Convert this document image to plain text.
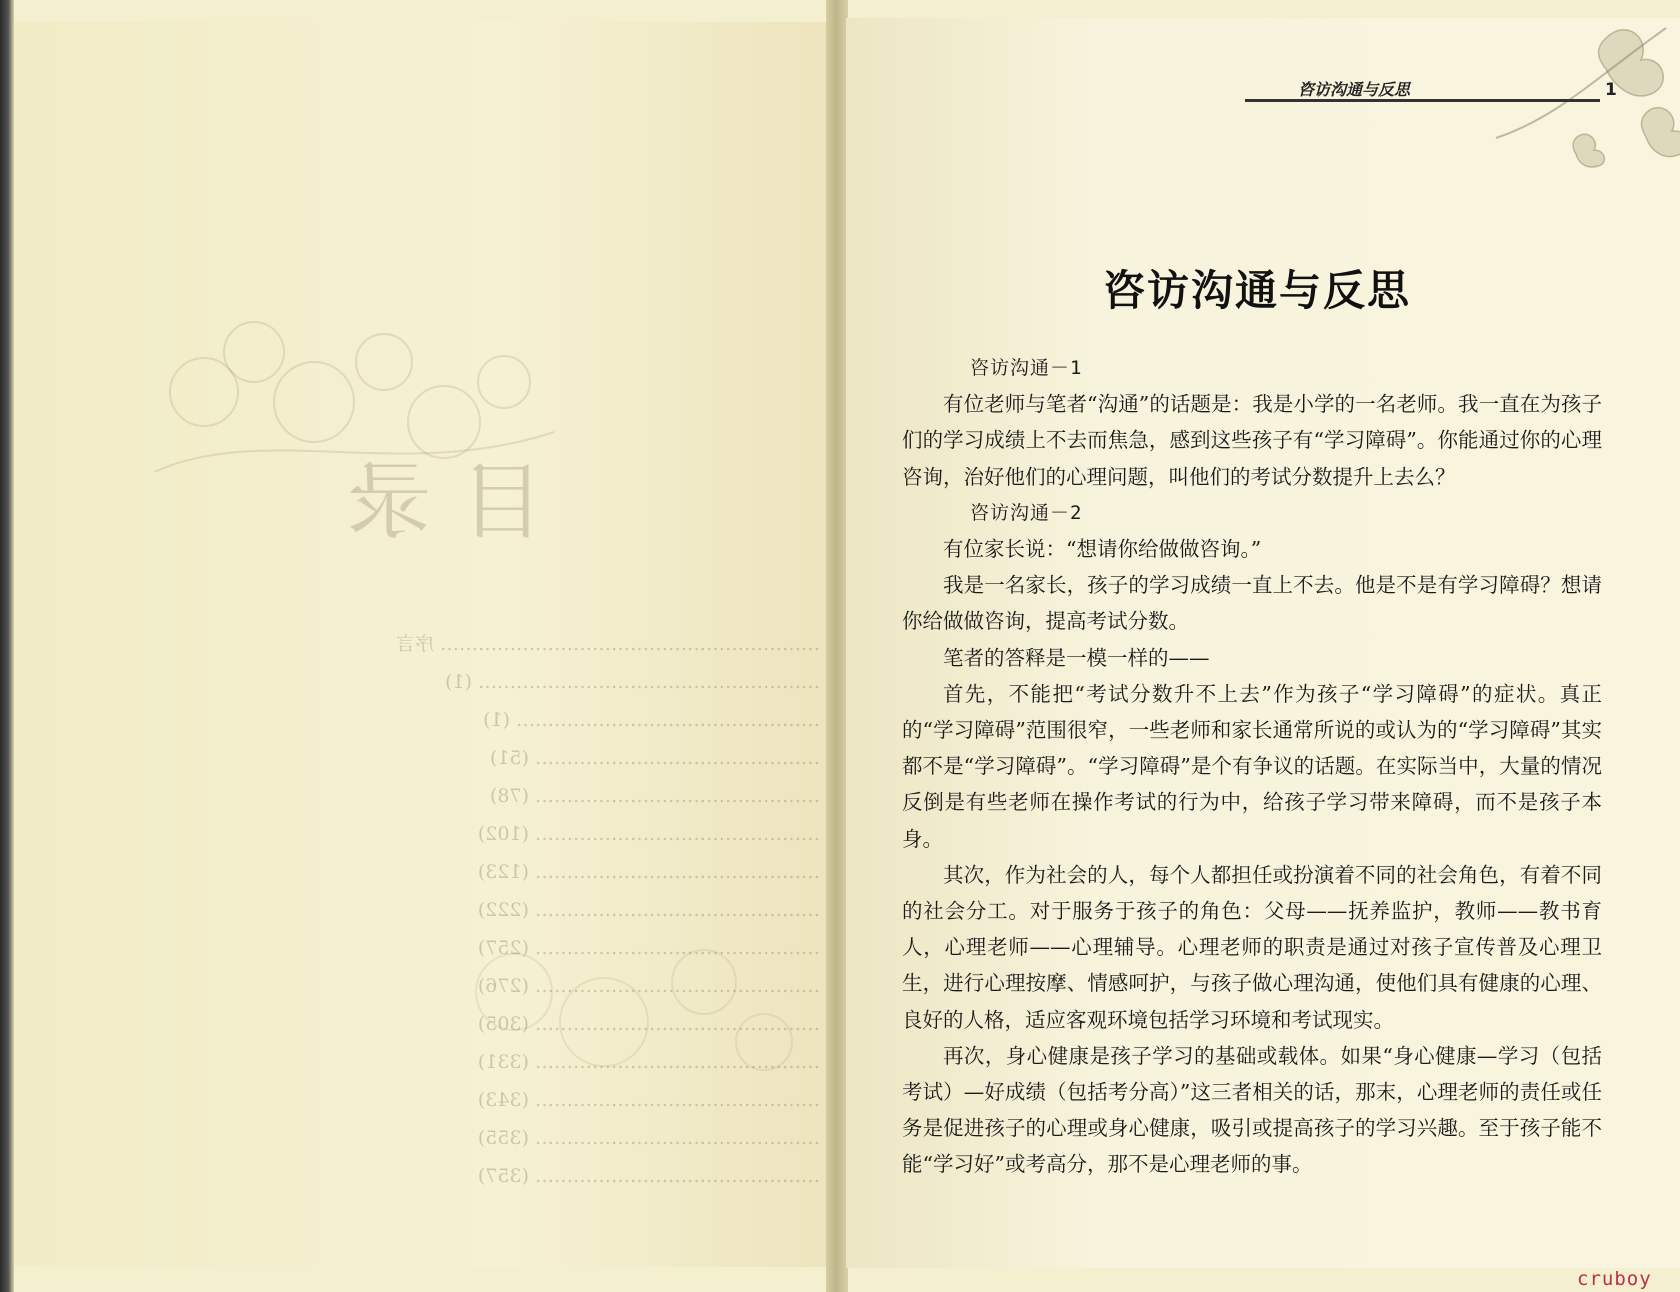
目录
…………………………………………………… 序言
……………………………………………… (1)
………………………………………… (1)
……………………………………… (51)
……………………………………… (78)
……………………………………… (102)
……………………………………… (123)
……………………………………… (222)
……………………………………… (257)
……………………………………… (276)
……………………………………… (305)
……………………………………… (331)
……………………………………… (343)
……………………………………… (355)
……………………………………… (357)
咨访沟通与反思	1
咨访沟通与反思
咨访沟通－1
有位老师与笔者“沟通”的话题是：我是小学的一名老师。我一直在为孩子们的学习成绩上不去而焦急，感到这些孩子有“学习障碍”。你能通过你的心理咨询，治好他们的心理问题，叫他们的考试分数提升上去么？
咨访沟通－2
有位家长说：“想请你给做做咨询。”
我是一名家长，孩子的学习成绩一直上不去。他是不是有学习障碍？想请你给做做咨询，提高考试分数。
笔者的答释是一模一样的——
首先，不能把“考试分数升不上去”作为孩子“学习障碍”的症状。真正的“学习障碍”范围很窄，一些老师和家长通常所说的或认为的“学习障碍”其实都不是“学习障碍”。“学习障碍”是个有争议的话题。在实际当中，大量的情况反倒是有些老师在操作考试的行为中，给孩子学习带来障碍，而不是孩子本身。
其次，作为社会的人，每个人都担任或扮演着不同的社会角色，有着不同的社会分工。对于服务于孩子的角色：父母——抚养监护，教师——教书育人，心理老师——心理辅导。心理老师的职责是通过对孩子宣传普及心理卫生，进行心理按摩、情感呵护，与孩子做心理沟通，使他们具有健康的心理、良好的人格，适应客观环境包括学习环境和考试现实。
再次，身心健康是孩子学习的基础或载体。如果“身心健康—学习（包括考试）—好成绩（包括考分高）”这三者相关的话，那末，心理老师的责任或任务是促进孩子的心理或身心健康，吸引或提高孩子的学习兴趣。至于孩子能不能“学习好”或考高分，那不是心理老师的事。
cruboy
